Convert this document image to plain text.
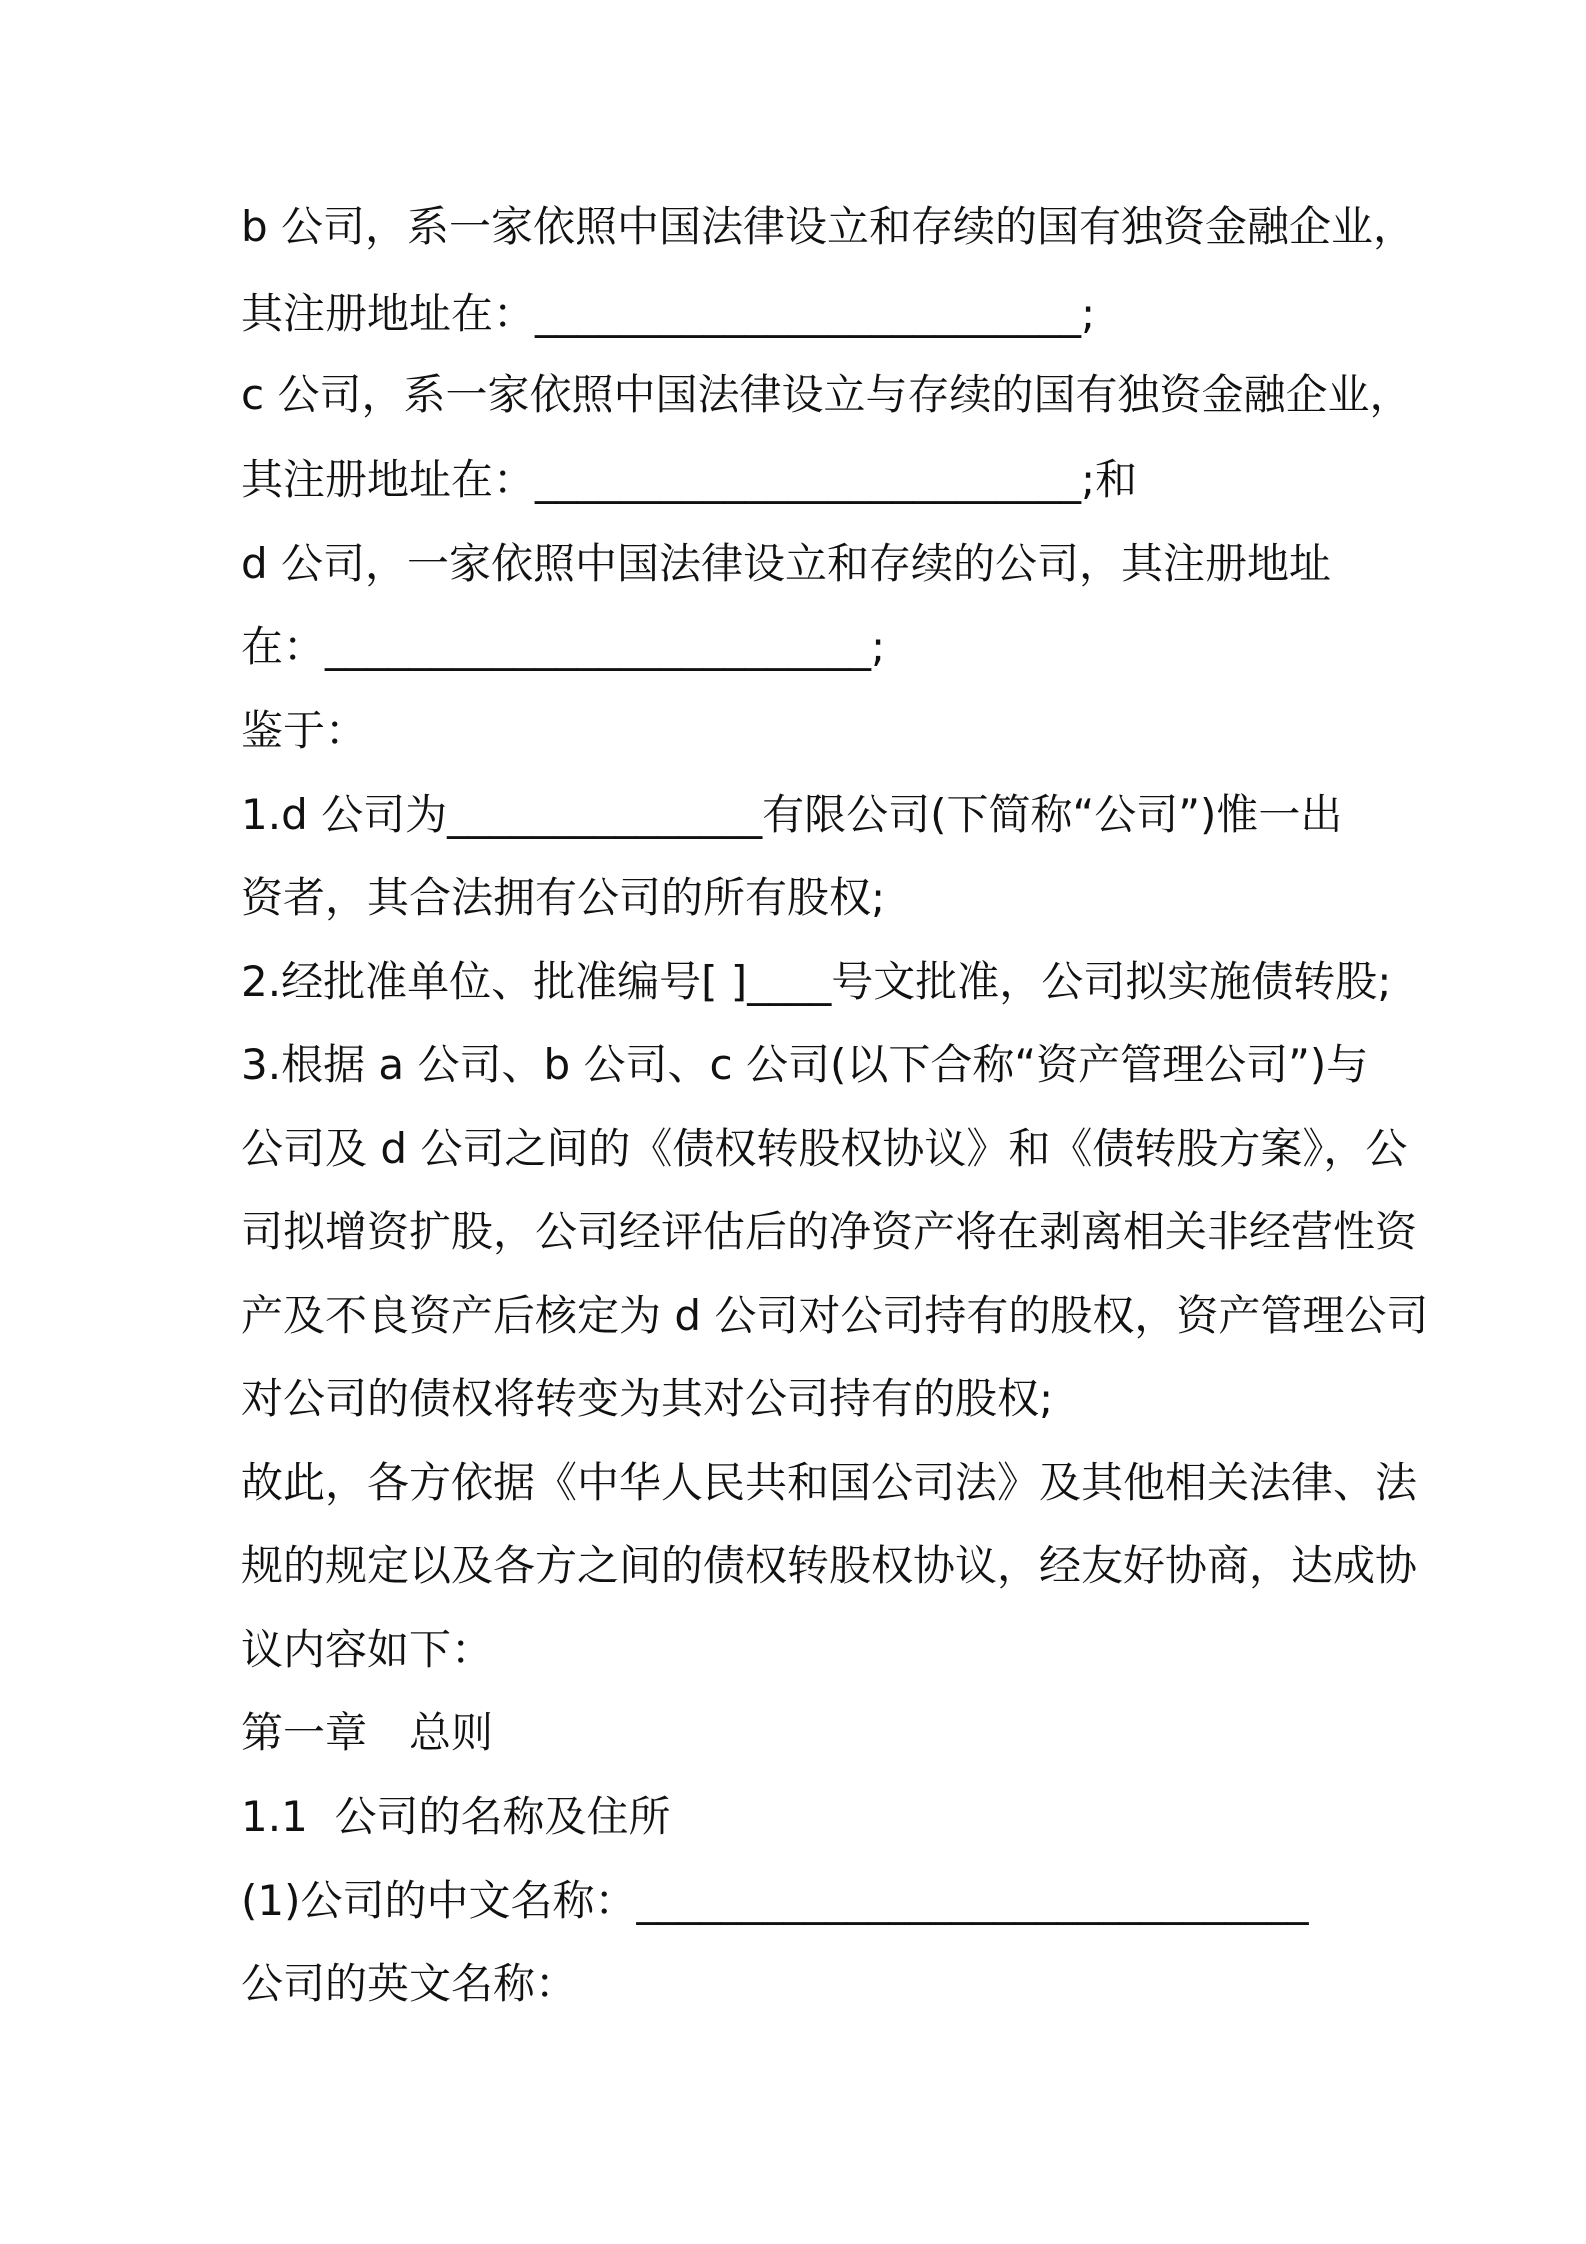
b 公司，系一家依照中国法律设立和存续的国有独资金融企业，
其注册地址在：__________________________;
c 公司，系一家依照中国法律设立与存续的国有独资金融企业，
其注册地址在：__________________________;和
d 公司，一家依照中国法律设立和存续的公司，其注册地址
在：__________________________;
鉴于：
1.d 公司为_______________有限公司(下简称“公司”)惟一出
资者，其合法拥有公司的所有股权;
2.经批准单位、批准编号[ ]____号文批准，公司拟实施债转股;
3.根据 a 公司、b 公司、c 公司(以下合称“资产管理公司”)与
公司及 d 公司之间的《债权转股权协议》和《债转股方案》，公
司拟增资扩股，公司经评估后的净资产将在剥离相关非经营性资
产及不良资产后核定为 d 公司对公司持有的股权，资产管理公司
对公司的债权将转变为其对公司持有的股权;
故此，各方依据《中华人民共和国公司法》及其他相关法律、法
规的规定以及各方之间的债权转股权协议，经友好协商，达成协
议内容如下：
第一章　总则
1.1  公司的名称及住所
(1)公司的中文名称：________________________________
公司的英文名称：
